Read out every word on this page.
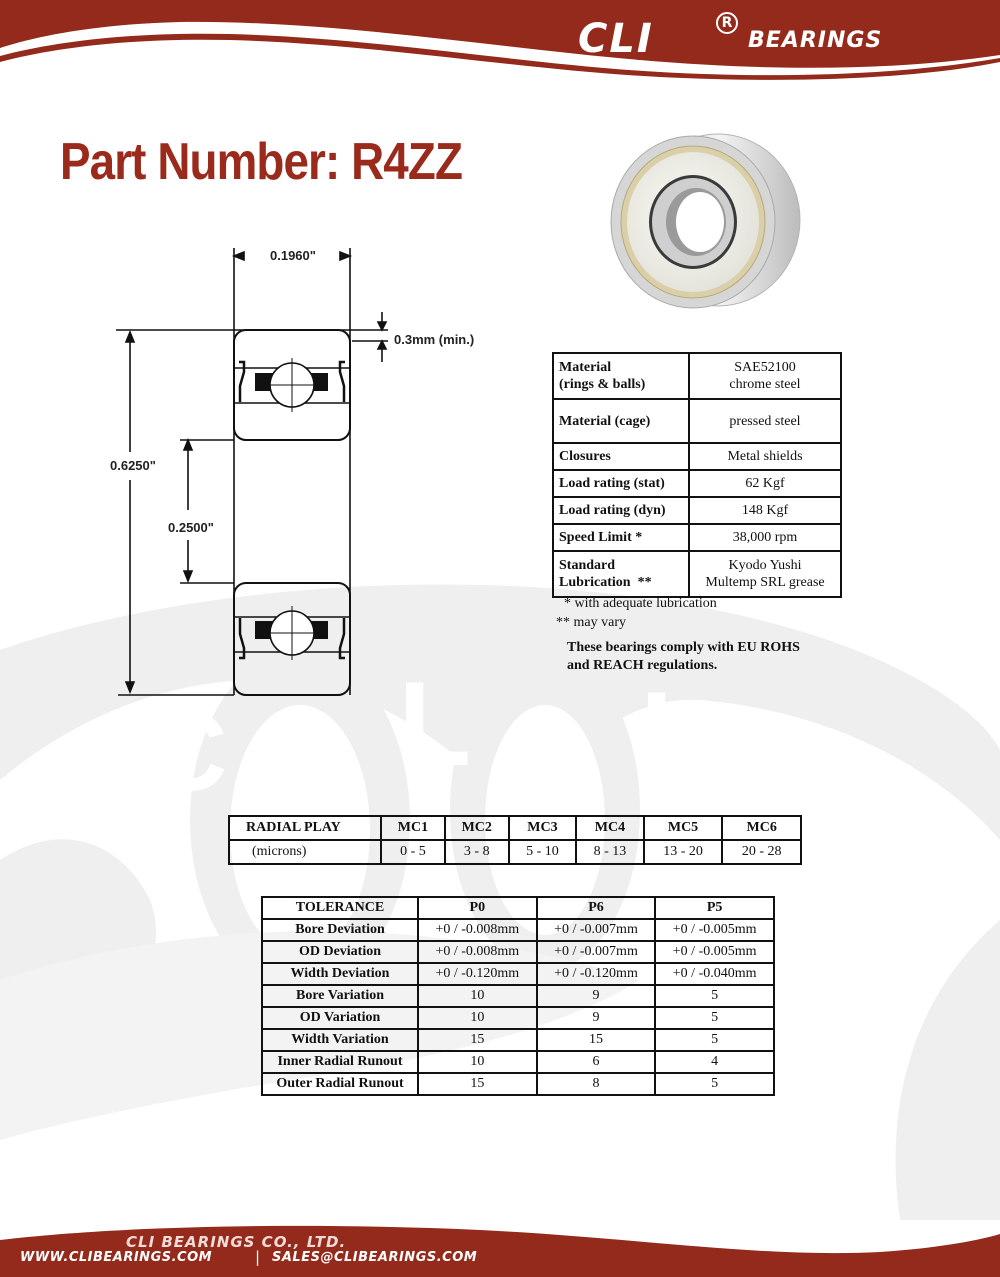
C L I
CLI	R
BEARINGS
Part Number: R4ZZ
0.1960"
0.3mm (min.)
0.6250"
0.2500"
Material
(rings & balls)	SAE52100
chrome steel
Material (cage)	pressed steel
Closures	Metal shields
Load rating (stat)	62 Kgf
Load rating (dyn)	148 Kgf
Speed Limit *	38,000 rpm
Standard
Lubrication  **	Kyodo Yushi
Multemp SRL grease
* with adequate lubrication
** may vary
These bearings comply with EU ROHS
and REACH regulations.
RADIAL PLAY	MC1	MC2	MC3	MC4	MC5	MC6
(microns)	0 - 5	3 - 8	5 - 10	8 - 13	13 - 20	20 - 28
TOLERANCE	P0	P6	P5
Bore Deviation	+0 / -0.008mm	+0 / -0.007mm	+0 / -0.005mm
OD Deviation	+0 / -0.008mm	+0 / -0.007mm	+0 / -0.005mm
Width Deviation	+0 / -0.120mm	+0 / -0.120mm	+0 / -0.040mm
Bore Variation	10	9	5
OD Variation	10	9	5
Width Variation	15	15	5
Inner Radial Runout	10	6	4
Outer Radial Runout	15	8	5
CLI BEARINGS CO., LTD.
WWW.CLIBEARINGS.COM	| SALES@CLIBEARINGS.COM
